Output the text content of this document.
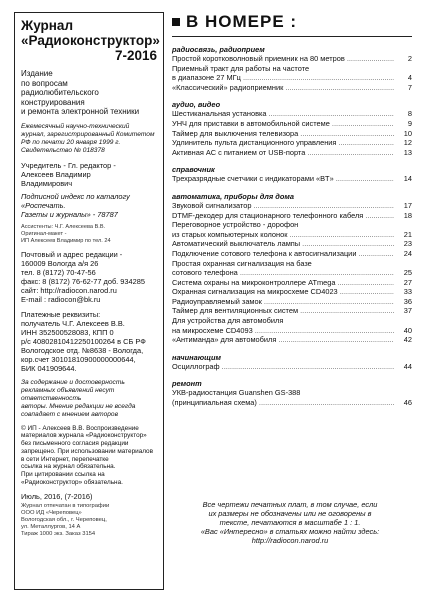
Журнал
«Радиоконструктор»
7-2016
Издание
по вопросам
радиолюбительского
конструирования
и ремонта электронной техники
Ежемесячный научно-технический
журнал, зарегистрированный Комитетом
РФ по печати 20 января 1999 г.
Свидетельство № 018378
Учредитель - Гл. редактор -
Алексеев Владимир
Владимирович
Подписной индекс по каталогу
«Роспечать.
Газеты и журналы» - 78787
Ассистенты: Ч.Г. Алексеева В.В.
Оригинал-макет -
ИП Алексеев Владимир по тел. 24
Почтовый и адрес редакции -
160009 Вологда а/я 26
тел. 8 (8172) 70-47-56
факс: 8 (8172) 76-62-77 доб. 934285
сайт: http://radiocon.narod.ru
E-mail : radiocon@bk.ru
Платежные реквизиты:
получатель Ч.Г. Алексеев В.В.
ИНН 352500528083, КПП 0
р/с 40802810412250100264 в СБ РФ
Вологодское отд. №8638 - Вологда,
кор.счет 30101810900000000644,
БИК 041909644.
За содержание и достоверность
рекламных объявлений несут ответственность
авторы. Мнение редакции не всегда
совпадает с мнением авторов
© ИП - Алексеев В.В. Воспроизведение
материалов журнала «Радиоконструктор»
без письменного согласия редакции
запрещено. При использовании материалов
в сети Интернет, перепечатке
ссылка на журнал обязательна.
При цитировании ссылка на
«Радиоконструктор» обязательна.
Июль, 2016, (7-2016)
Журнал отпечатан в типографии
ООО ИД «Череповец»
Вологодская обл., г. Череповец,
ул. Металлургов, 14 А
Тираж 1000 экз. Заказ 3154
В НОМЕРЕ :
радиосвязь, радиоприем
Простой коротковолновый приемник на 80 метров .....	2
Приемный тракт для работы на частоте
в диапазоне 27 МГц .....	4
«Классический» радиоприемник .....	7
аудио, видео
Шестиканальная установка .....	8
УНЧ для приставки в автомобильной системе .....	9
Таймер для выключения телевизора .....	10
Удлинитель пульта дистанционного управления .....	12
Активная АС с питанием от USB-порта .....	13
справочник
Трехразрядные счетчики с индикаторами «BT» .....	14
автоматика, приборы для дома
Звуковой сигнализатор .....	17
DTMF-декодер для стационарного телефонного кабеля .....	18
Переговорное устройство - дорофон
из старых компьютерных колонок .....	21
Автоматический выключатель лампы .....	23
Подключение сотового телефона к автосигнализации .....	24
Простая охранная сигнализация на базе
сотового телефона .....	25
Система охраны на микроконтроллере ATmega .....	27
Охранная сигнализация на микросхеме CD4023 .....	33
Радиоуправляемый замок .....	36
Таймер для вентиляционных систем .....	37
Для устройства для автомобиля
на микросхеме CD4093 .....	40
«Антиманда» для автомобиля .....	42
начинающим
Осциллограф .....	44
ремонт
УКВ-радиостанция Guanshen GS-388
(принципиальная схема) .....	46
Все чертежи печатных плат, в том случае, если
их размеры не обозначены или не оговорены в
тексте, печатаются в масштабе 1 : 1.
«Вас «Интересно» в статьях можно найти здесь:
http://radiocon.narod.ru
